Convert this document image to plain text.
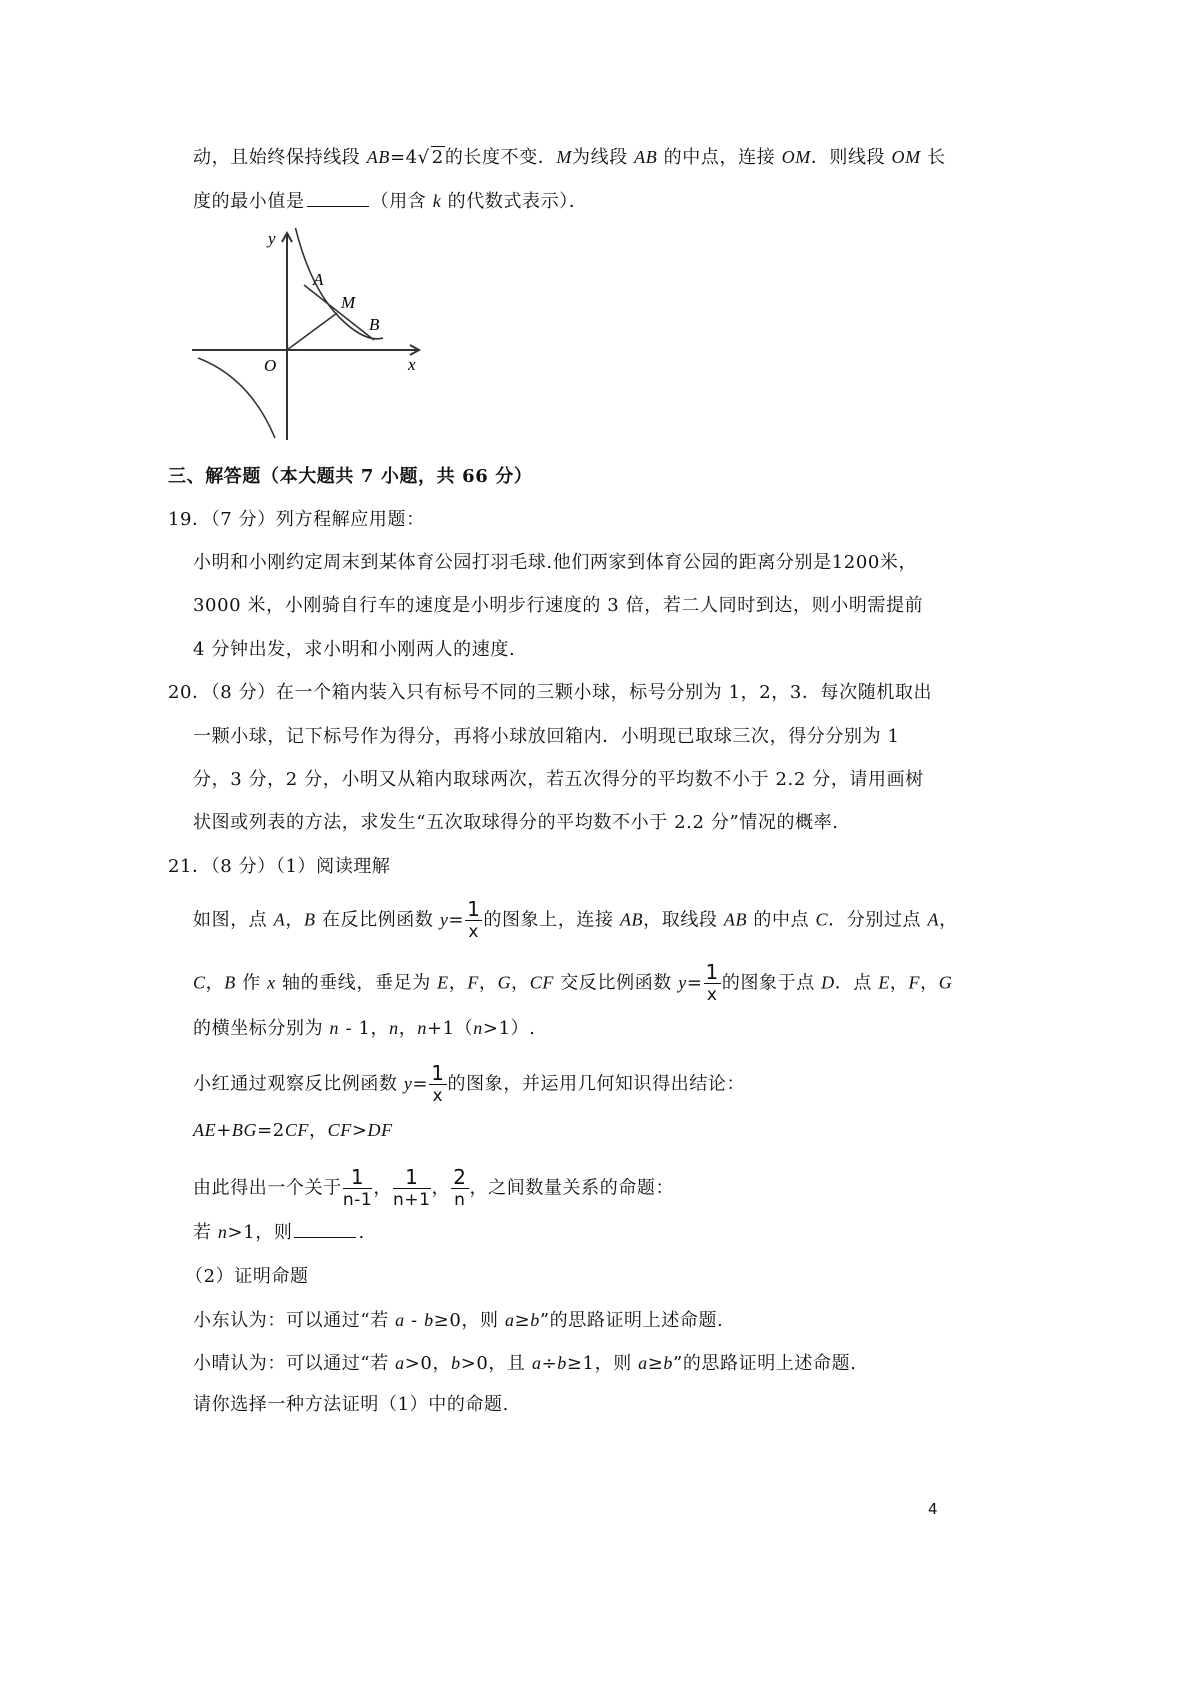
动，且始终保持线段 AB=4√ 2的长度不变．M为线段 AB 的中点，连接 OM．则线段 OM 长
度的最小值是	（用含 k 的代数式表示）．
三、解答题（本大题共 7 小题，共 66 分）
19．（7 分）列方程解应用题：
小明和小刚约定周末到某体育公园打羽毛球.他们两家到体育公园的距离分别是1200米，
3000 米，小刚骑自行车的速度是小明步行速度的 3 倍，若二人同时到达，则小明需提前
4 分钟出发，求小明和小刚两人的速度.
20．（8 分）在一个箱内装入只有标号不同的三颗小球，标号分别为 1，2，3．每次随机取出
一颗小球，记下标号作为得分，再将小球放回箱内．小明现已取球三次，得分分别为 1
分，3 分，2 分，小明又从箱内取球两次，若五次得分的平均数不小于 2.2 分，请用画树
状图或列表的方法，求发生“五次取球得分的平均数不小于 2.2 分”情况的概率.
21．（8 分）（1）阅读理解
如图，点 A，B 在反比例函数 $y= \frac{1}{x}$ 的图象上，连接 AB，取线段 AB 的中点 C．分别过点 A，
C，B 作 x 轴的垂线，垂足为 E，F，G，CF 交反比例函数 $y= \frac{1}{x}$ 的图象于点 D．点 E，F，G
的横坐标分别为 n - 1，n，n+1（n>1）.
小红通过观察反比例函数 $y= \frac{1}{x}$ 的图象，并运用几何知识得出结论：
AE+BG=2CF，CF>DF
由此得出一个关于 $\frac{1}{n-1}$ ， $\frac{1}{n+1}$ ， $\frac{2}{n}$ ，之间数量关系的命题：
若 n>1，则	.
（2）证明命题
小东认为：可以通过“若 a - b≥0，则 a≥b”的思路证明上述命题.
小晴认为：可以通过“若 a>0，b>0，且 a÷b≥1，则 a≥b”的思路证明上述命题.
请你选择一种方法证明（1）中的命题.
y
x
O
A
M
B
4
